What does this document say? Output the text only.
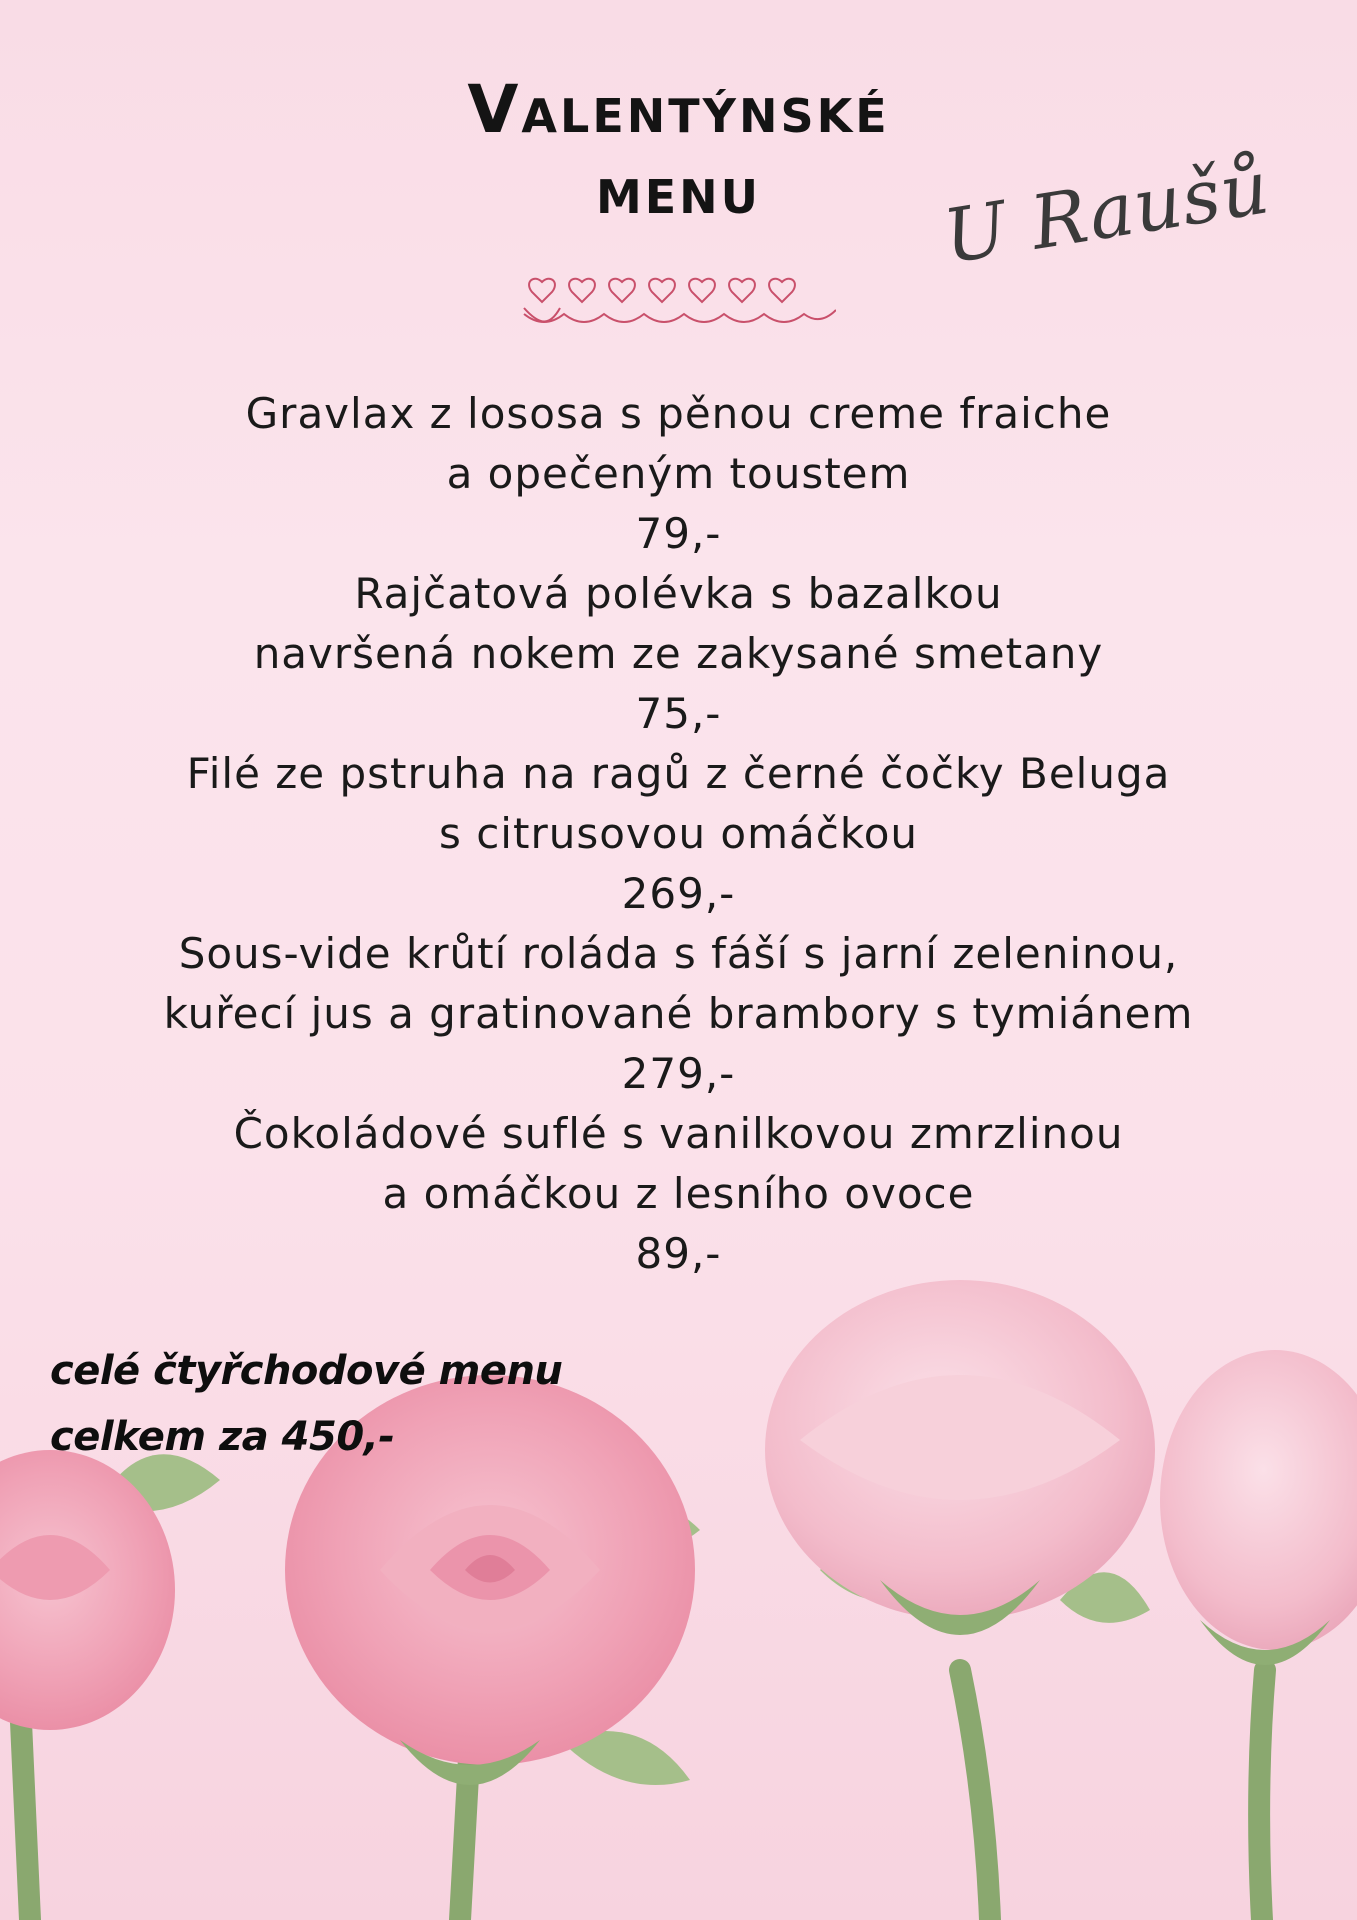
Valentýnské
menu	U Raušů
Gravlax z lososa s pěnou creme fraiche
a opečeným toustem
79,-
Rajčatová polévka s bazalkou
navršená nokem ze zakysané smetany
75,-
Filé ze pstruha na ragů z černé čočky Beluga
s citrusovou omáčkou
269,-
Sous-vide krůtí roláda s fáší s jarní zeleninou,
kuřecí jus a gratinované brambory s tymiánem
279,-
Čokoládové suflé s vanilkovou zmrzlinou
a omáčkou z lesního ovoce
89,-
celé čtyřchodové menu
celkem za 450,-
